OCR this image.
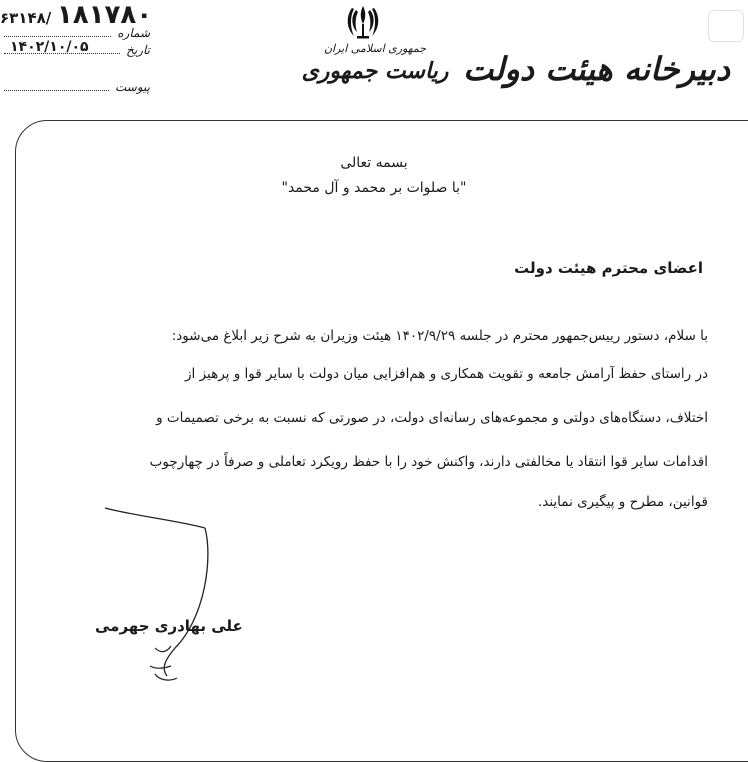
۶۳۱۴۸/ ۱۸۱۷۸۰
شماره
تاریخ
۱۴۰۲/۱۰/۰۵
پیوست
جمهوری اسلامی ایران
ریاست جمهوری دبیرخانه هیئت دولت
بسمه تعالی
"با صلوات بر محمد و آل محمد"
اعضای محترم هیئت دولت
با سلام، دستور رییس‌جمهور محترم در جلسه ۱۴۰۲/۹/۲۹ هیئت وزیران به شرح زیر ابلاغ می‌شود:
در راستای حفظ آرامش جامعه و تقویت همکاری و هم‌افزایی میان دولت با سایر قوا و پرهیز از
اختلاف، دستگاه‌های دولتی و مجموعه‌های رسانه‌ای دولت، در صورتی که نسبت به برخی تصمیمات و
اقدامات سایر قوا انتقاد یا مخالفتی دارند، واکنش خود را با حفظ رویکرد تعاملی و صرفاً در چهارچوب
قوانین، مطرح و پیگیری نمایند.
علی بهادری جهرمی
